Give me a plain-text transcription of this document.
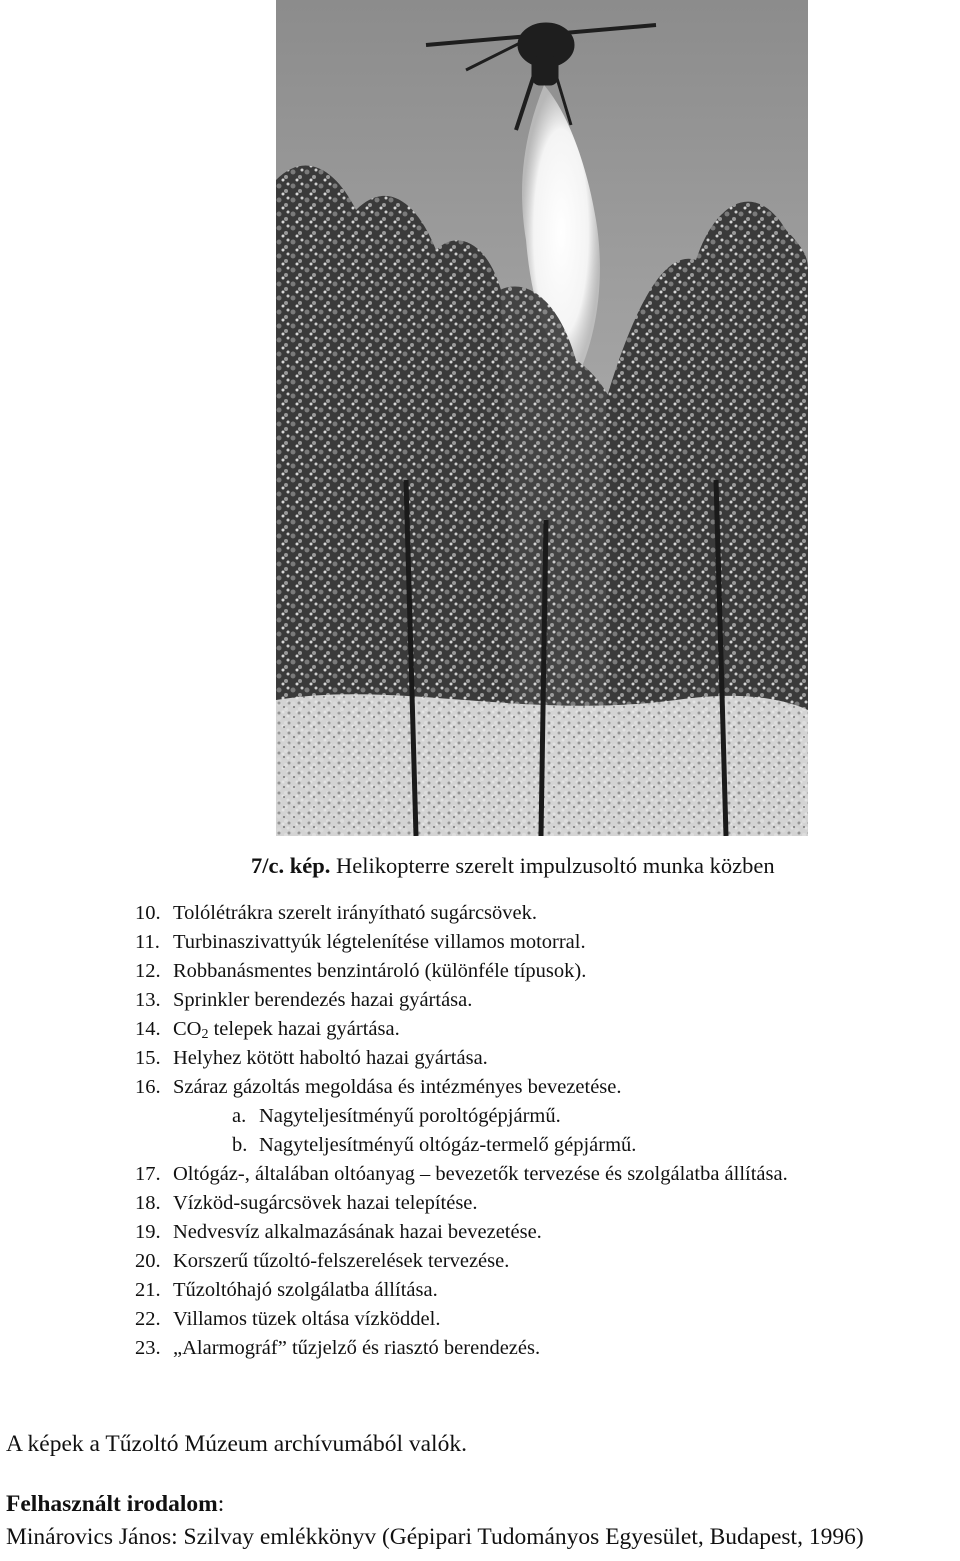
7/c. kép. Helikopterre szerelt impulzusoltó munka közben
10. Tolólétrákra szerelt irányítható sugárcsövek.
11. Turbinaszivattyúk légtelenítése villamos motorral.
12. Robbanásmentes benzintároló (különféle típusok).
13. Sprinkler berendezés hazai gyártása.
14. $CO_2$ telepek hazai gyártása.
15. Helyhez kötött haboltó hazai gyártása.
16. Száraz gázoltás megoldása és intézményes bevezetése.
a. Nagyteljesítményű poroltógépjármű.
b. Nagyteljesítményű oltógáz-termelő gépjármű.
17. Oltógáz-, általában oltóanyag – bevezetők tervezése és szolgálatba állítása.
18. Vízköd-sugárcsövek hazai telepítése.
19. Nedvesvíz alkalmazásának hazai bevezetése.
20. Korszerű tűzoltó-felszerelések tervezése.
21. Tűzoltóhajó szolgálatba állítása.
22. Villamos tüzek oltása vízköddel.
23. „Alarmográf” tűzjelző és riasztó berendezés.
A képek a Tűzoltó Múzeum archívumából valók.
Felhasznált irodalom:
Minárovics János: Szilvay emlékkönyv (Gépipari Tudományos Egyesület, Budapest, 1996)
